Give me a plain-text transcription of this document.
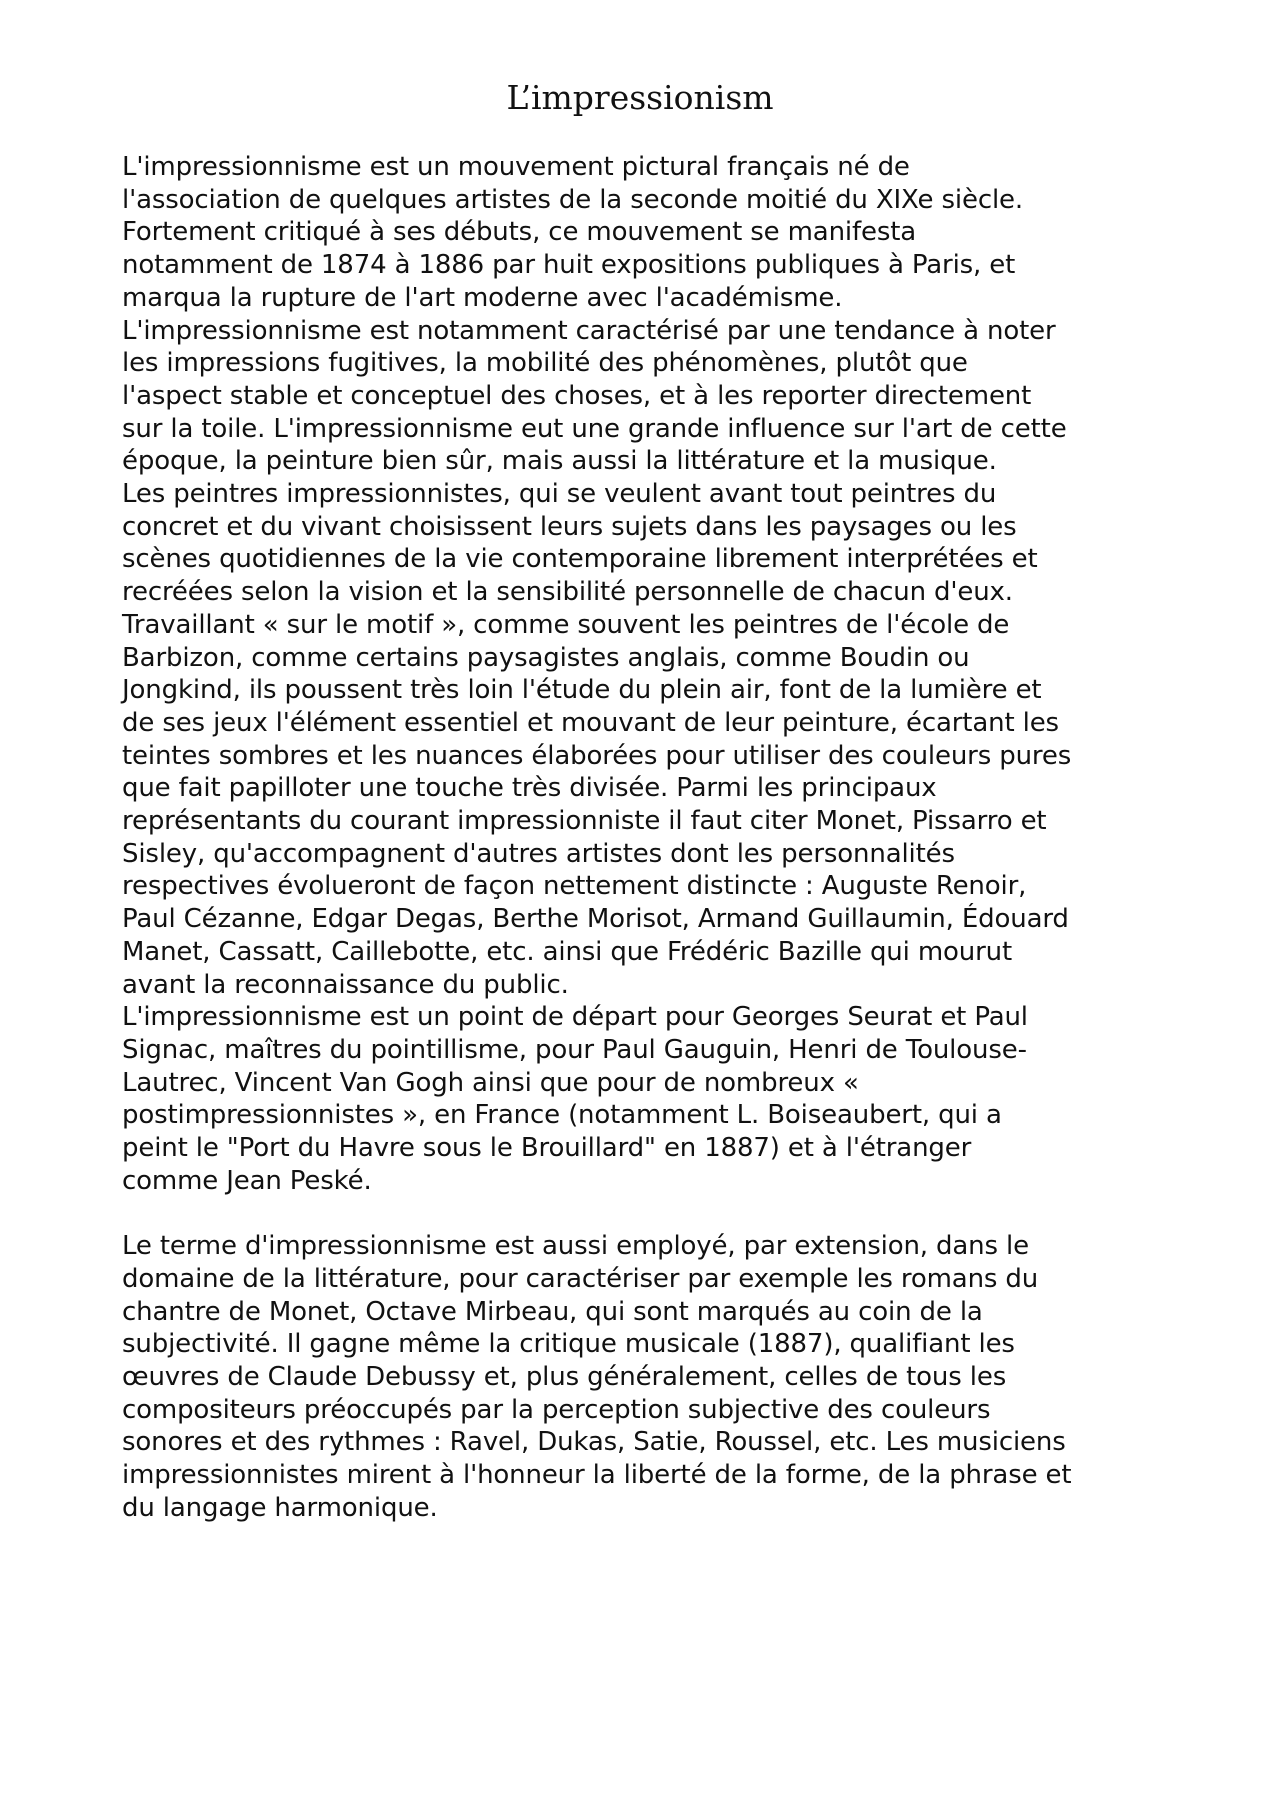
L’impressionism
L'impressionnisme est un mouvement pictural français né de
l'association de quelques artistes de la seconde moitié du XIXe siècle.
Fortement critiqué à ses débuts, ce mouvement se manifesta
notamment de 1874 à 1886 par huit expositions publiques à Paris, et
marqua la rupture de l'art moderne avec l'académisme.
L'impressionnisme est notamment caractérisé par une tendance à noter
les impressions fugitives, la mobilité des phénomènes, plutôt que
l'aspect stable et conceptuel des choses, et à les reporter directement
sur la toile. L'impressionnisme eut une grande influence sur l'art de cette
époque, la peinture bien sûr, mais aussi la littérature et la musique.
Les peintres impressionnistes, qui se veulent avant tout peintres du
concret et du vivant choisissent leurs sujets dans les paysages ou les
scènes quotidiennes de la vie contemporaine librement interprétées et
recréées selon la vision et la sensibilité personnelle de chacun d'eux.
Travaillant « sur le motif », comme souvent les peintres de l'école de
Barbizon, comme certains paysagistes anglais, comme Boudin ou
Jongkind, ils poussent très loin l'étude du plein air, font de la lumière et
de ses jeux l'élément essentiel et mouvant de leur peinture, écartant les
teintes sombres et les nuances élaborées pour utiliser des couleurs pures
que fait papilloter une touche très divisée. Parmi les principaux
représentants du courant impressionniste il faut citer Monet, Pissarro et
Sisley, qu'accompagnent d'autres artistes dont les personnalités
respectives évolueront de façon nettement distincte : Auguste Renoir,
Paul Cézanne, Edgar Degas, Berthe Morisot, Armand Guillaumin, Édouard
Manet, Cassatt, Caillebotte, etc. ainsi que Frédéric Bazille qui mourut
avant la reconnaissance du public.
L'impressionnisme est un point de départ pour Georges Seurat et Paul
Signac, maîtres du pointillisme, pour Paul Gauguin, Henri de Toulouse-
Lautrec, Vincent Van Gogh ainsi que pour de nombreux «
postimpressionnistes », en France (notamment L. Boiseaubert, qui a
peint le "Port du Havre sous le Brouillard" en 1887) et à l'étranger
comme Jean Peské.
Le terme d'impressionnisme est aussi employé, par extension, dans le
domaine de la littérature, pour caractériser par exemple les romans du
chantre de Monet, Octave Mirbeau, qui sont marqués au coin de la
subjectivité. Il gagne même la critique musicale (1887), qualifiant les
œuvres de Claude Debussy et, plus généralement, celles de tous les
compositeurs préoccupés par la perception subjective des couleurs
sonores et des rythmes : Ravel, Dukas, Satie, Roussel, etc. Les musiciens
impressionnistes mirent à l'honneur la liberté de la forme, de la phrase et
du langage harmonique.
